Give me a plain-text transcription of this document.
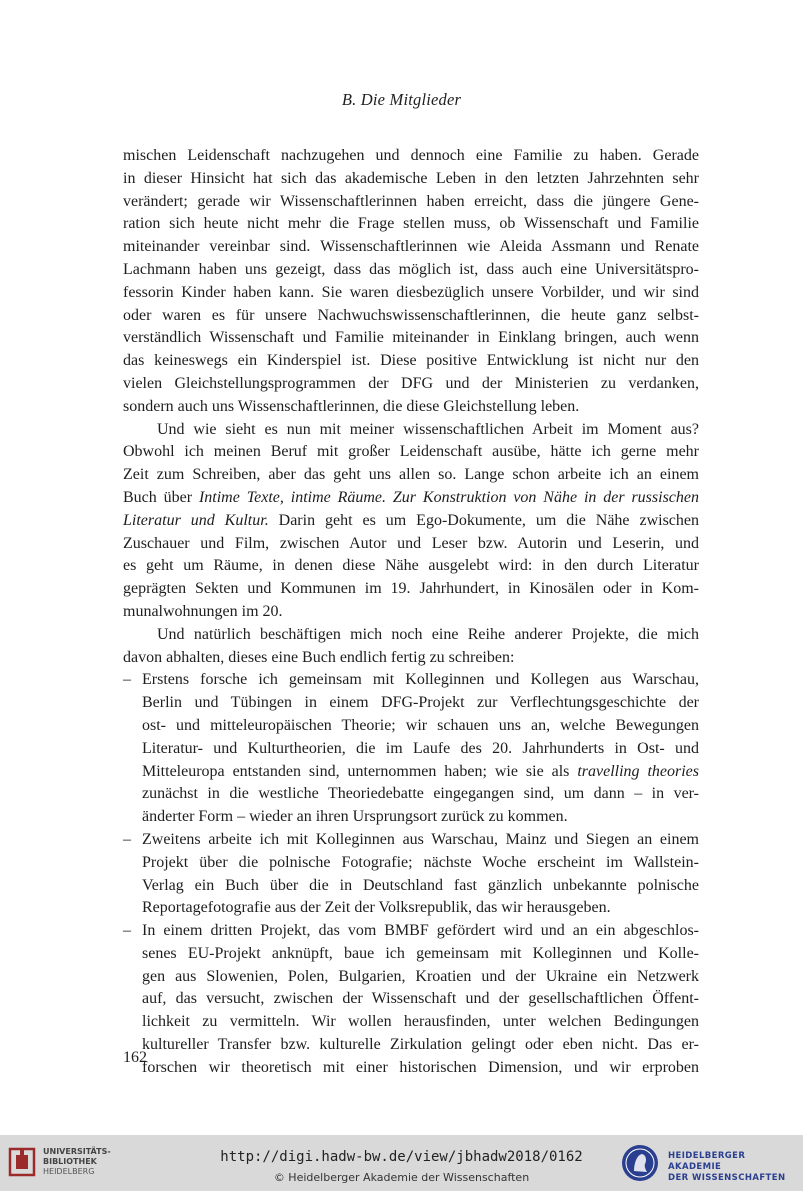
B. Die Mitglieder
mischen Leidenschaft nachzugehen und dennoch eine Familie zu haben. Gerade
in dieser Hinsicht hat sich das akademische Leben in den letzten Jahrzehnten sehr
verändert; gerade wir Wissenschaftlerinnen haben erreicht, dass die jüngere Gene-
ration sich heute nicht mehr die Frage stellen muss, ob Wissenschaft und Familie
miteinander vereinbar sind. Wissenschaftlerinnen wie Aleida Assmann und Renate
Lachmann haben uns gezeigt, dass das möglich ist, dass auch eine Universitätspro-
fessorin Kinder haben kann. Sie waren diesbezüglich unsere Vorbilder, und wir sind
oder waren es für unsere Nachwuchswissenschaftlerinnen, die heute ganz selbst-
verständlich Wissenschaft und Familie miteinander in Einklang bringen, auch wenn
das keineswegs ein Kinderspiel ist. Diese positive Entwicklung ist nicht nur den
vielen Gleichstellungsprogrammen der DFG und der Ministerien zu verdanken,
sondern auch uns Wissenschaftlerinnen, die diese Gleichstellung leben.
Und wie sieht es nun mit meiner wissenschaftlichen Arbeit im Moment aus?
Obwohl ich meinen Beruf mit großer Leidenschaft ausübe, hätte ich gerne mehr
Zeit zum Schreiben, aber das geht uns allen so. Lange schon arbeite ich an einem
Buch über Intime Texte, intime Räume. Zur Konstruktion von Nähe in der russischen
Literatur und Kultur. Darin geht es um Ego-Dokumente, um die Nähe zwischen
Zuschauer und Film, zwischen Autor und Leser bzw. Autorin und Leserin, und
es geht um Räume, in denen diese Nähe ausgelebt wird: in den durch Literatur
geprägten Sekten und Kommunen im 19. Jahrhundert, in Kinosälen oder in Kom-
munalwohnungen im 20.
Und natürlich beschäftigen mich noch eine Reihe anderer Projekte, die mich
davon abhalten, dieses eine Buch endlich fertig zu schreiben:
– Erstens forsche ich gemeinsam mit Kolleginnen und Kollegen aus Warschau,
Berlin und Tübingen in einem DFG-Projekt zur Verflechtungsgeschichte der
ost- und mitteleuropäischen Theorie; wir schauen uns an, welche Bewegungen
Literatur- und Kulturtheorien, die im Laufe des 20. Jahrhunderts in Ost- und
Mitteleuropa entstanden sind, unternommen haben; wie sie als travelling theories
zunächst in die westliche Theoriedebatte eingegangen sind, um dann – in ver-
änderter Form – wieder an ihren Ursprungsort zurück zu kommen.
– Zweitens arbeite ich mit Kolleginnen aus Warschau, Mainz und Siegen an einem
Projekt über die polnische Fotografie; nächste Woche erscheint im Wallstein-
Verlag ein Buch über die in Deutschland fast gänzlich unbekannte polnische
Reportagefotografie aus der Zeit der Volksrepublik, das wir herausgeben.
– In einem dritten Projekt, das vom BMBF gefördert wird und an ein abgeschlos-
senes EU-Projekt anknüpft, baue ich gemeinsam mit Kolleginnen und Kolle-
gen aus Slowenien, Polen, Bulgarien, Kroatien und der Ukraine ein Netzwerk
auf, das versucht, zwischen der Wissenschaft und der gesellschaftlichen Öffent-
lichkeit zu vermitteln. Wir wollen herausfinden, unter welchen Bedingungen
kultureller Transfer bzw. kulturelle Zirkulation gelingt oder eben nicht. Das er-
forschen wir theoretisch mit einer historischen Dimension, und wir erproben
162
UNIVERSITÄTS-
BIBLIOTHEK
HEIDELBERG
http://digi.hadw-bw.de/view/jbhadw2018/0162
© Heidelberger Akademie der Wissenschaften
HEIDELBERGER AKADEMIE
DER WISSENSCHAFTEN
